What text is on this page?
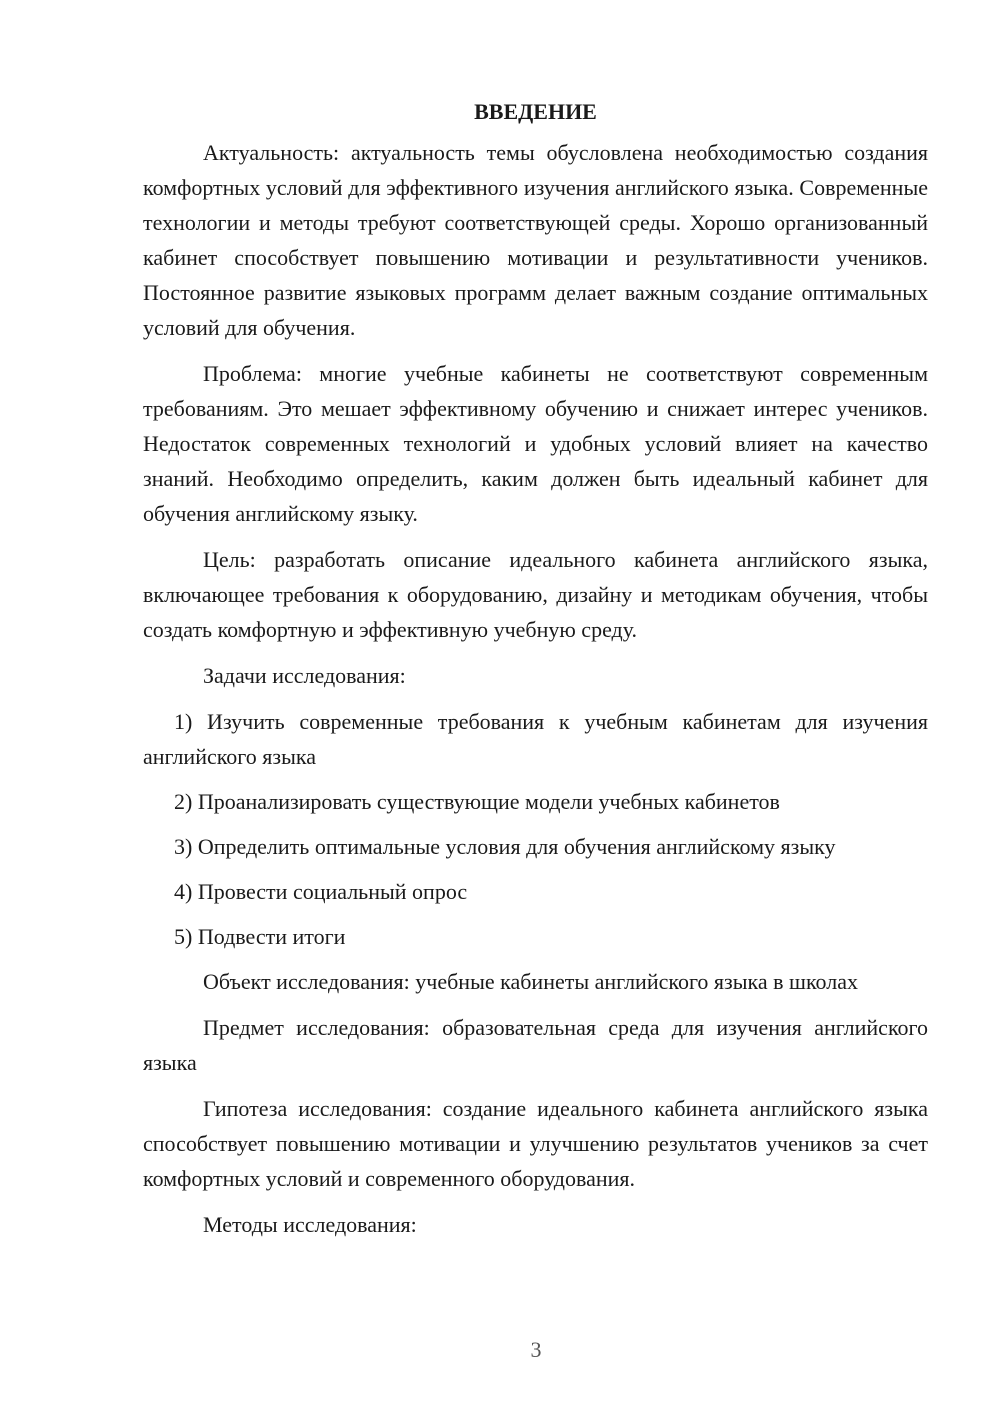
ВВЕДЕНИЕ

Актуальность: актуальность темы обусловлена необходимостью создания комфортных условий для эффективного изучения английского языка. Современные технологии и методы требуют соответствующей среды. Хорошо организованный кабинет способствует повышению мотивации и результативности учеников. Постоянное развитие языковых программ делает важным создание оптимальных условий для обучения.

Проблема: многие учебные кабинеты не соответствуют современным требованиям. Это мешает эффективному обучению и снижает интерес учеников. Недостаток современных технологий и удобных условий влияет на качество знаний. Необходимо определить, каким должен быть идеальный кабинет для обучения английскому языку.

Цель: разработать описание идеального кабинета английского языка, включающее требования к оборудованию, дизайну и методикам обучения, чтобы создать комфортную и эффективную учебную среду.

Задачи исследования:

1) Изучить современные требования к учебным кабинетам для изучения английского языка

2) Проанализировать существующие модели учебных кабинетов

3) Определить оптимальные условия для обучения английскому языку

4) Провести социальный опрос

5) Подвести итоги

Объект исследования: учебные кабинеты английского языка в школах

Предмет исследования: образовательная среда для изучения английского языка

Гипотеза исследования: создание идеального кабинета английского языка способствует повышению мотивации и улучшению результатов учеников за счет комфортных условий и современного оборудования.

Методы исследования:

3
